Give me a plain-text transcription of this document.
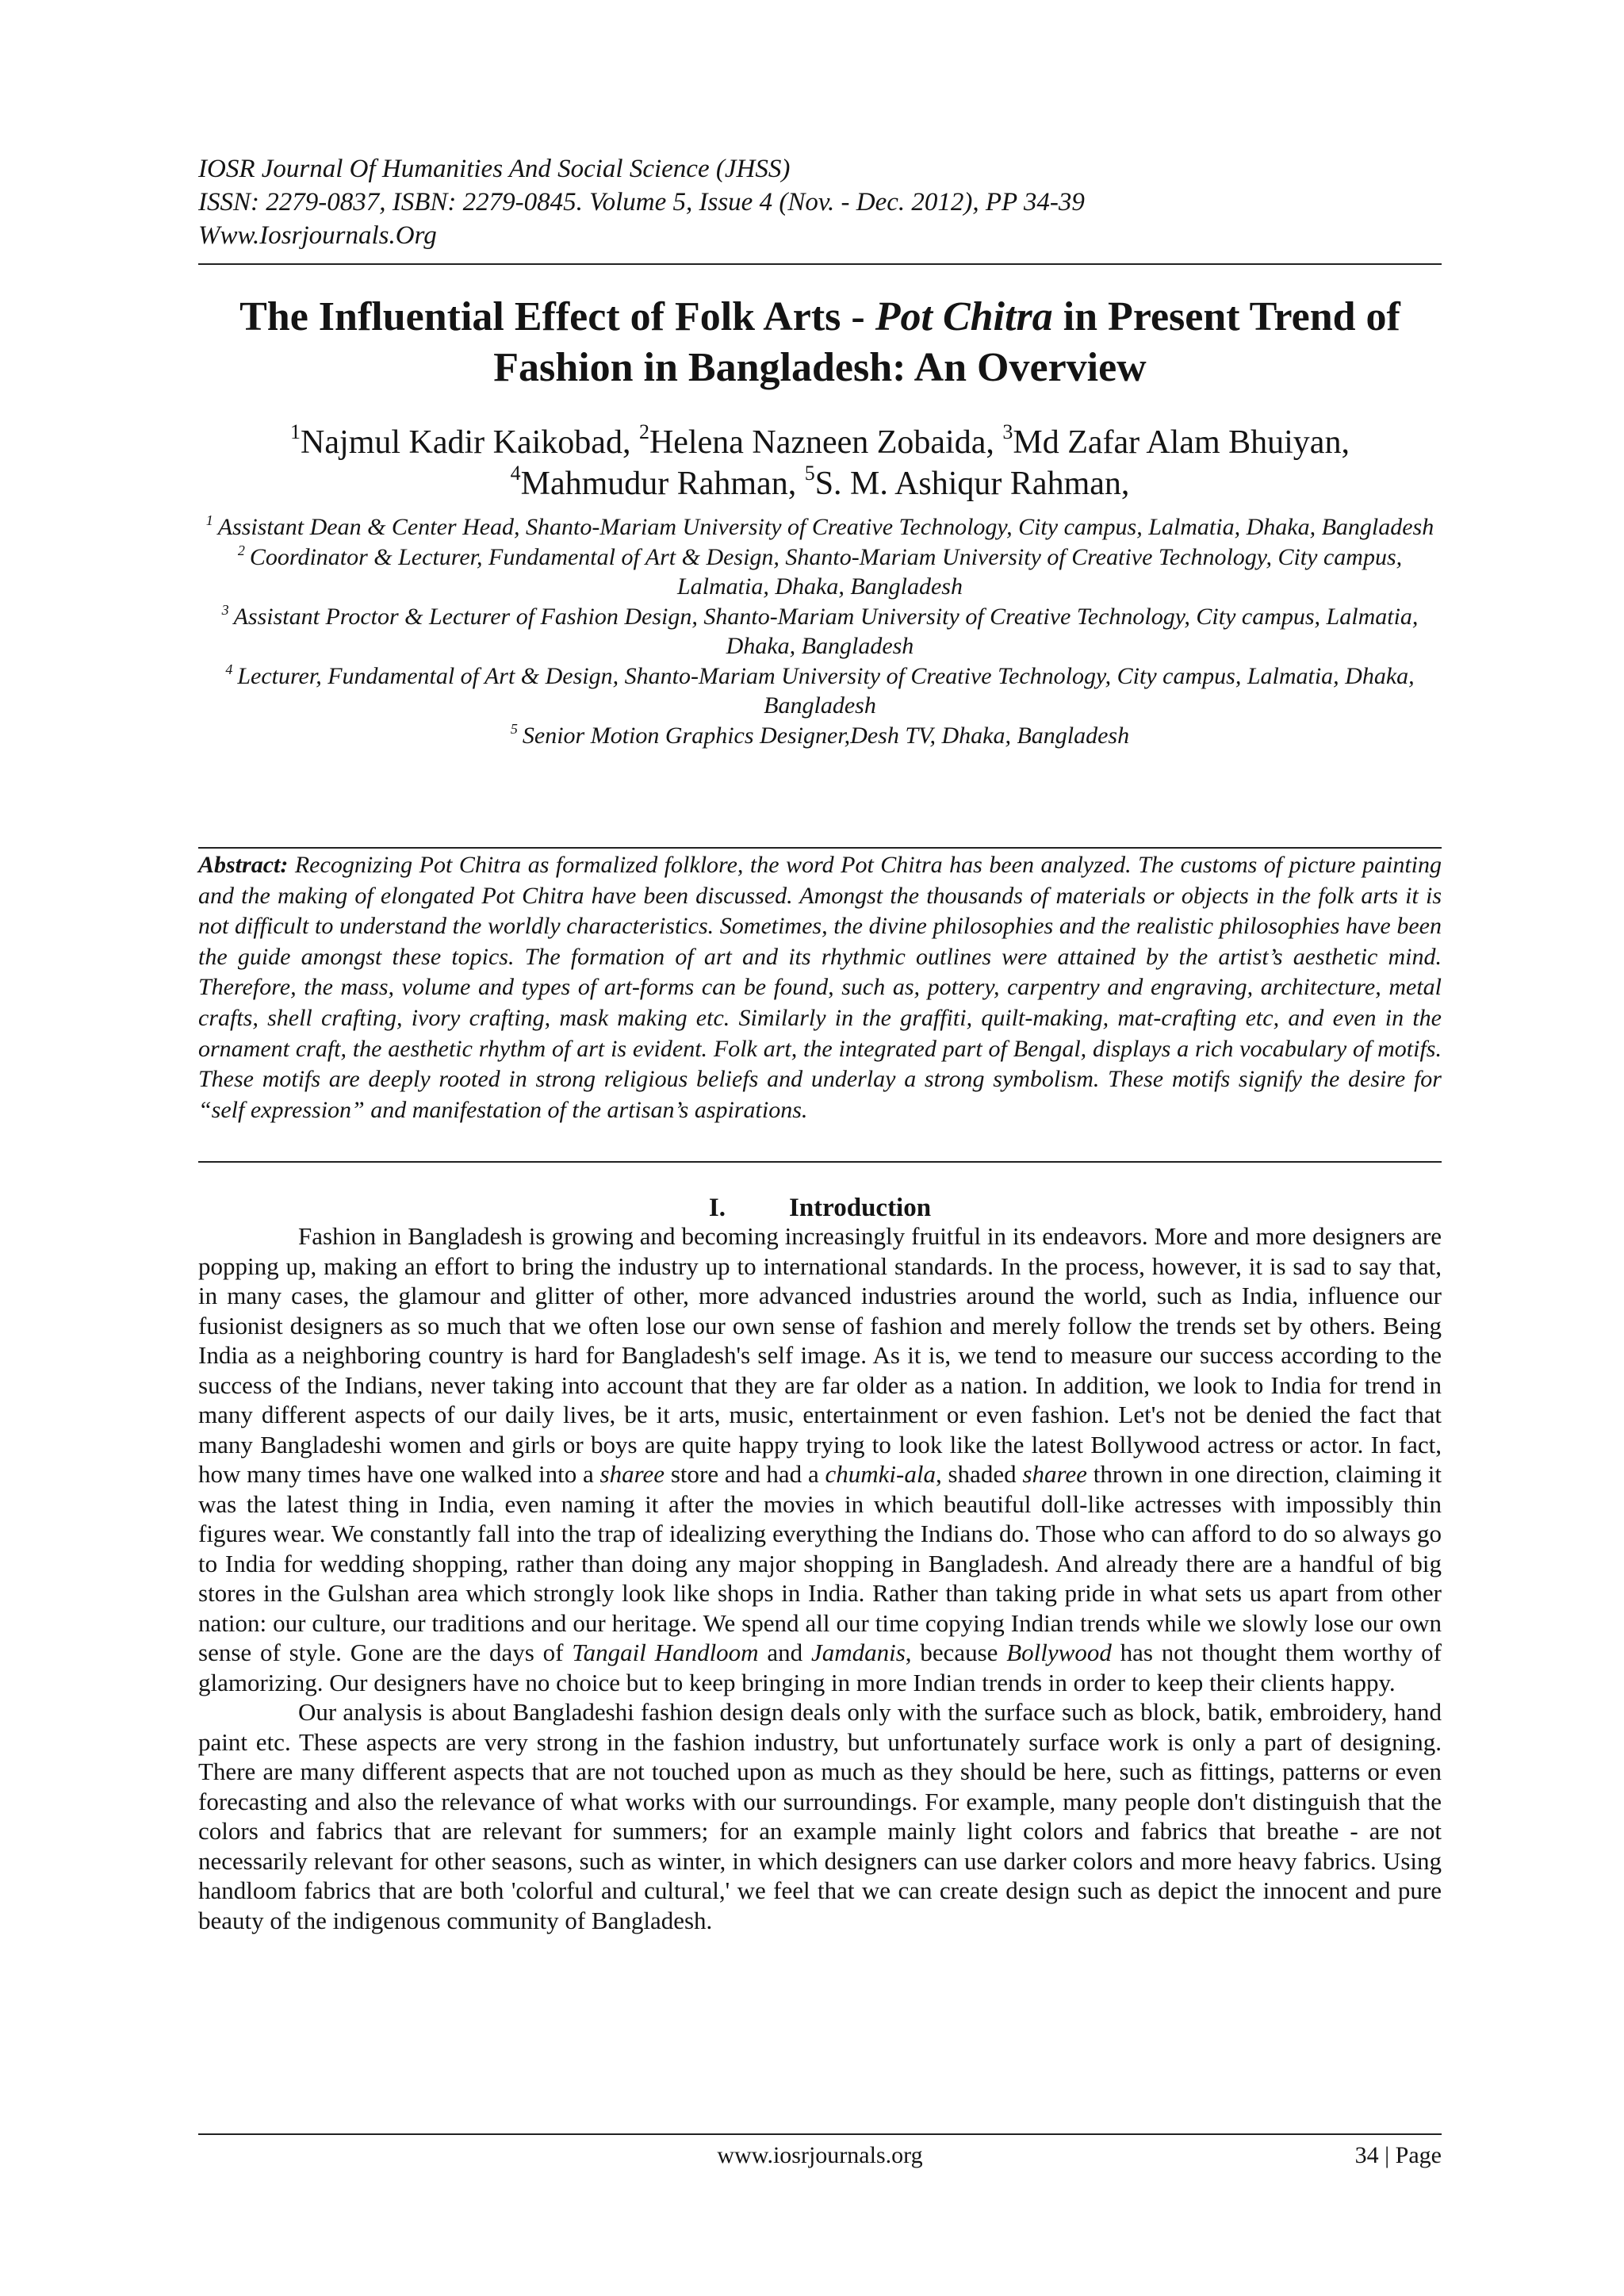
IOSR Journal Of Humanities And Social Science (JHSS)
ISSN: 2279-0837, ISBN: 2279-0845. Volume 5, Issue 4 (Nov. - Dec. 2012), PP 34-39
Www.Iosrjournals.Org
The Influential Effect of Folk Arts - Pot Chitra in Present Trend of Fashion in Bangladesh: An Overview
$^1$Najmul Kadir Kaikobad, $^2$Helena Nazneen Zobaida, $^3$Md Zafar Alam Bhuiyan,
$^4$Mahmudur Rahman, $^5$S. M. Ashiqur Rahman,
$^1$ Assistant Dean & Center Head, Shanto-Mariam University of Creative Technology, City campus, Lalmatia, Dhaka, Bangladesh
$^2$ Coordinator & Lecturer, Fundamental of Art & Design, Shanto-Mariam University of Creative Technology, City campus, Lalmatia, Dhaka, Bangladesh
$^3$ Assistant Proctor & Lecturer of Fashion Design, Shanto-Mariam University of Creative Technology, City campus, Lalmatia, Dhaka, Bangladesh
$^4$ Lecturer, Fundamental of Art & Design, Shanto-Mariam University of Creative Technology, City campus, Lalmatia, Dhaka, Bangladesh
$^5$ Senior Motion Graphics Designer,Desh TV, Dhaka, Bangladesh
Abstract: Recognizing Pot Chitra as formalized folklore, the word Pot Chitra has been analyzed. The customs of picture painting and the making of elongated Pot Chitra have been discussed. Amongst the thousands of materials or objects in the folk arts it is not difficult to understand the worldly characteristics. Sometimes, the divine philosophies and the realistic philosophies have been the guide amongst these topics. The formation of art and its rhythmic outlines were attained by the artist’s aesthetic mind. Therefore, the mass, volume and types of art-forms can be found, such as, pottery, carpentry and engraving, architecture, metal crafts, shell crafting, ivory crafting, mask making etc. Similarly in the graffiti, quilt-making, mat-crafting etc, and even in the ornament craft, the aesthetic rhythm of art is evident. Folk art, the integrated part of Bengal, displays a rich vocabulary of motifs. These motifs are deeply rooted in strong religious beliefs and underlay a strong symbolism. These motifs signify the desire for “self expression” and manifestation of the artisan’s aspirations.
I. Introduction

Fashion in Bangladesh is growing and becoming increasingly fruitful in its endeavors. More and more designers are popping up, making an effort to bring the industry up to international standards. In the process, however, it is sad to say that, in many cases, the glamour and glitter of other, more advanced industries around the world, such as India, influence our fusionist designers as so much that we often lose our own sense of fashion and merely follow the trends set by others. Being India as a neighboring country is hard for Bangladesh's self image. As it is, we tend to measure our success according to the success of the Indians, never taking into account that they are far older as a nation. In addition, we look to India for trend in many different aspects of our daily lives, be it arts, music, entertainment or even fashion. Let's not be denied the fact that many Bangladeshi women and girls or boys are quite happy trying to look like the latest Bollywood actress or actor. In fact, how many times have one walked into a sharee store and had a chumki-ala, shaded sharee thrown in one direction, claiming it was the latest thing in India, even naming it after the movies in which beautiful doll-like actresses with impossibly thin figures wear. We constantly fall into the trap of idealizing everything the Indians do. Those who can afford to do so always go to India for wedding shopping, rather than doing any major shopping in Bangladesh. And already there are a handful of big stores in the Gulshan area which strongly look like shops in India. Rather than taking pride in what sets us apart from other nation: our culture, our traditions and our heritage. We spend all our time copying Indian trends while we slowly lose our own sense of style. Gone are the days of Tangail Handloom and Jamdanis, because Bollywood has not thought them worthy of glamorizing. Our designers have no choice but to keep bringing in more Indian trends in order to keep their clients happy.

Our analysis is about Bangladeshi fashion design deals only with the surface such as block, batik, embroidery, hand paint etc. These aspects are very strong in the fashion industry, but unfortunately surface work is only a part of designing. There are many different aspects that are not touched upon as much as they should be here, such as fittings, patterns or even forecasting and also the relevance of what works with our surroundings. For example, many people don't distinguish that the colors and fabrics that are relevant for summers; for an example mainly light colors and fabrics that breathe - are not necessarily relevant for other seasons, such as winter, in which designers can use darker colors and more heavy fabrics. Using handloom fabrics that are both 'colorful and cultural,' we feel that we can create design such as depict the innocent and pure beauty of the indigenous community of Bangladesh.

www.iosrjournals.org	34 | Page
